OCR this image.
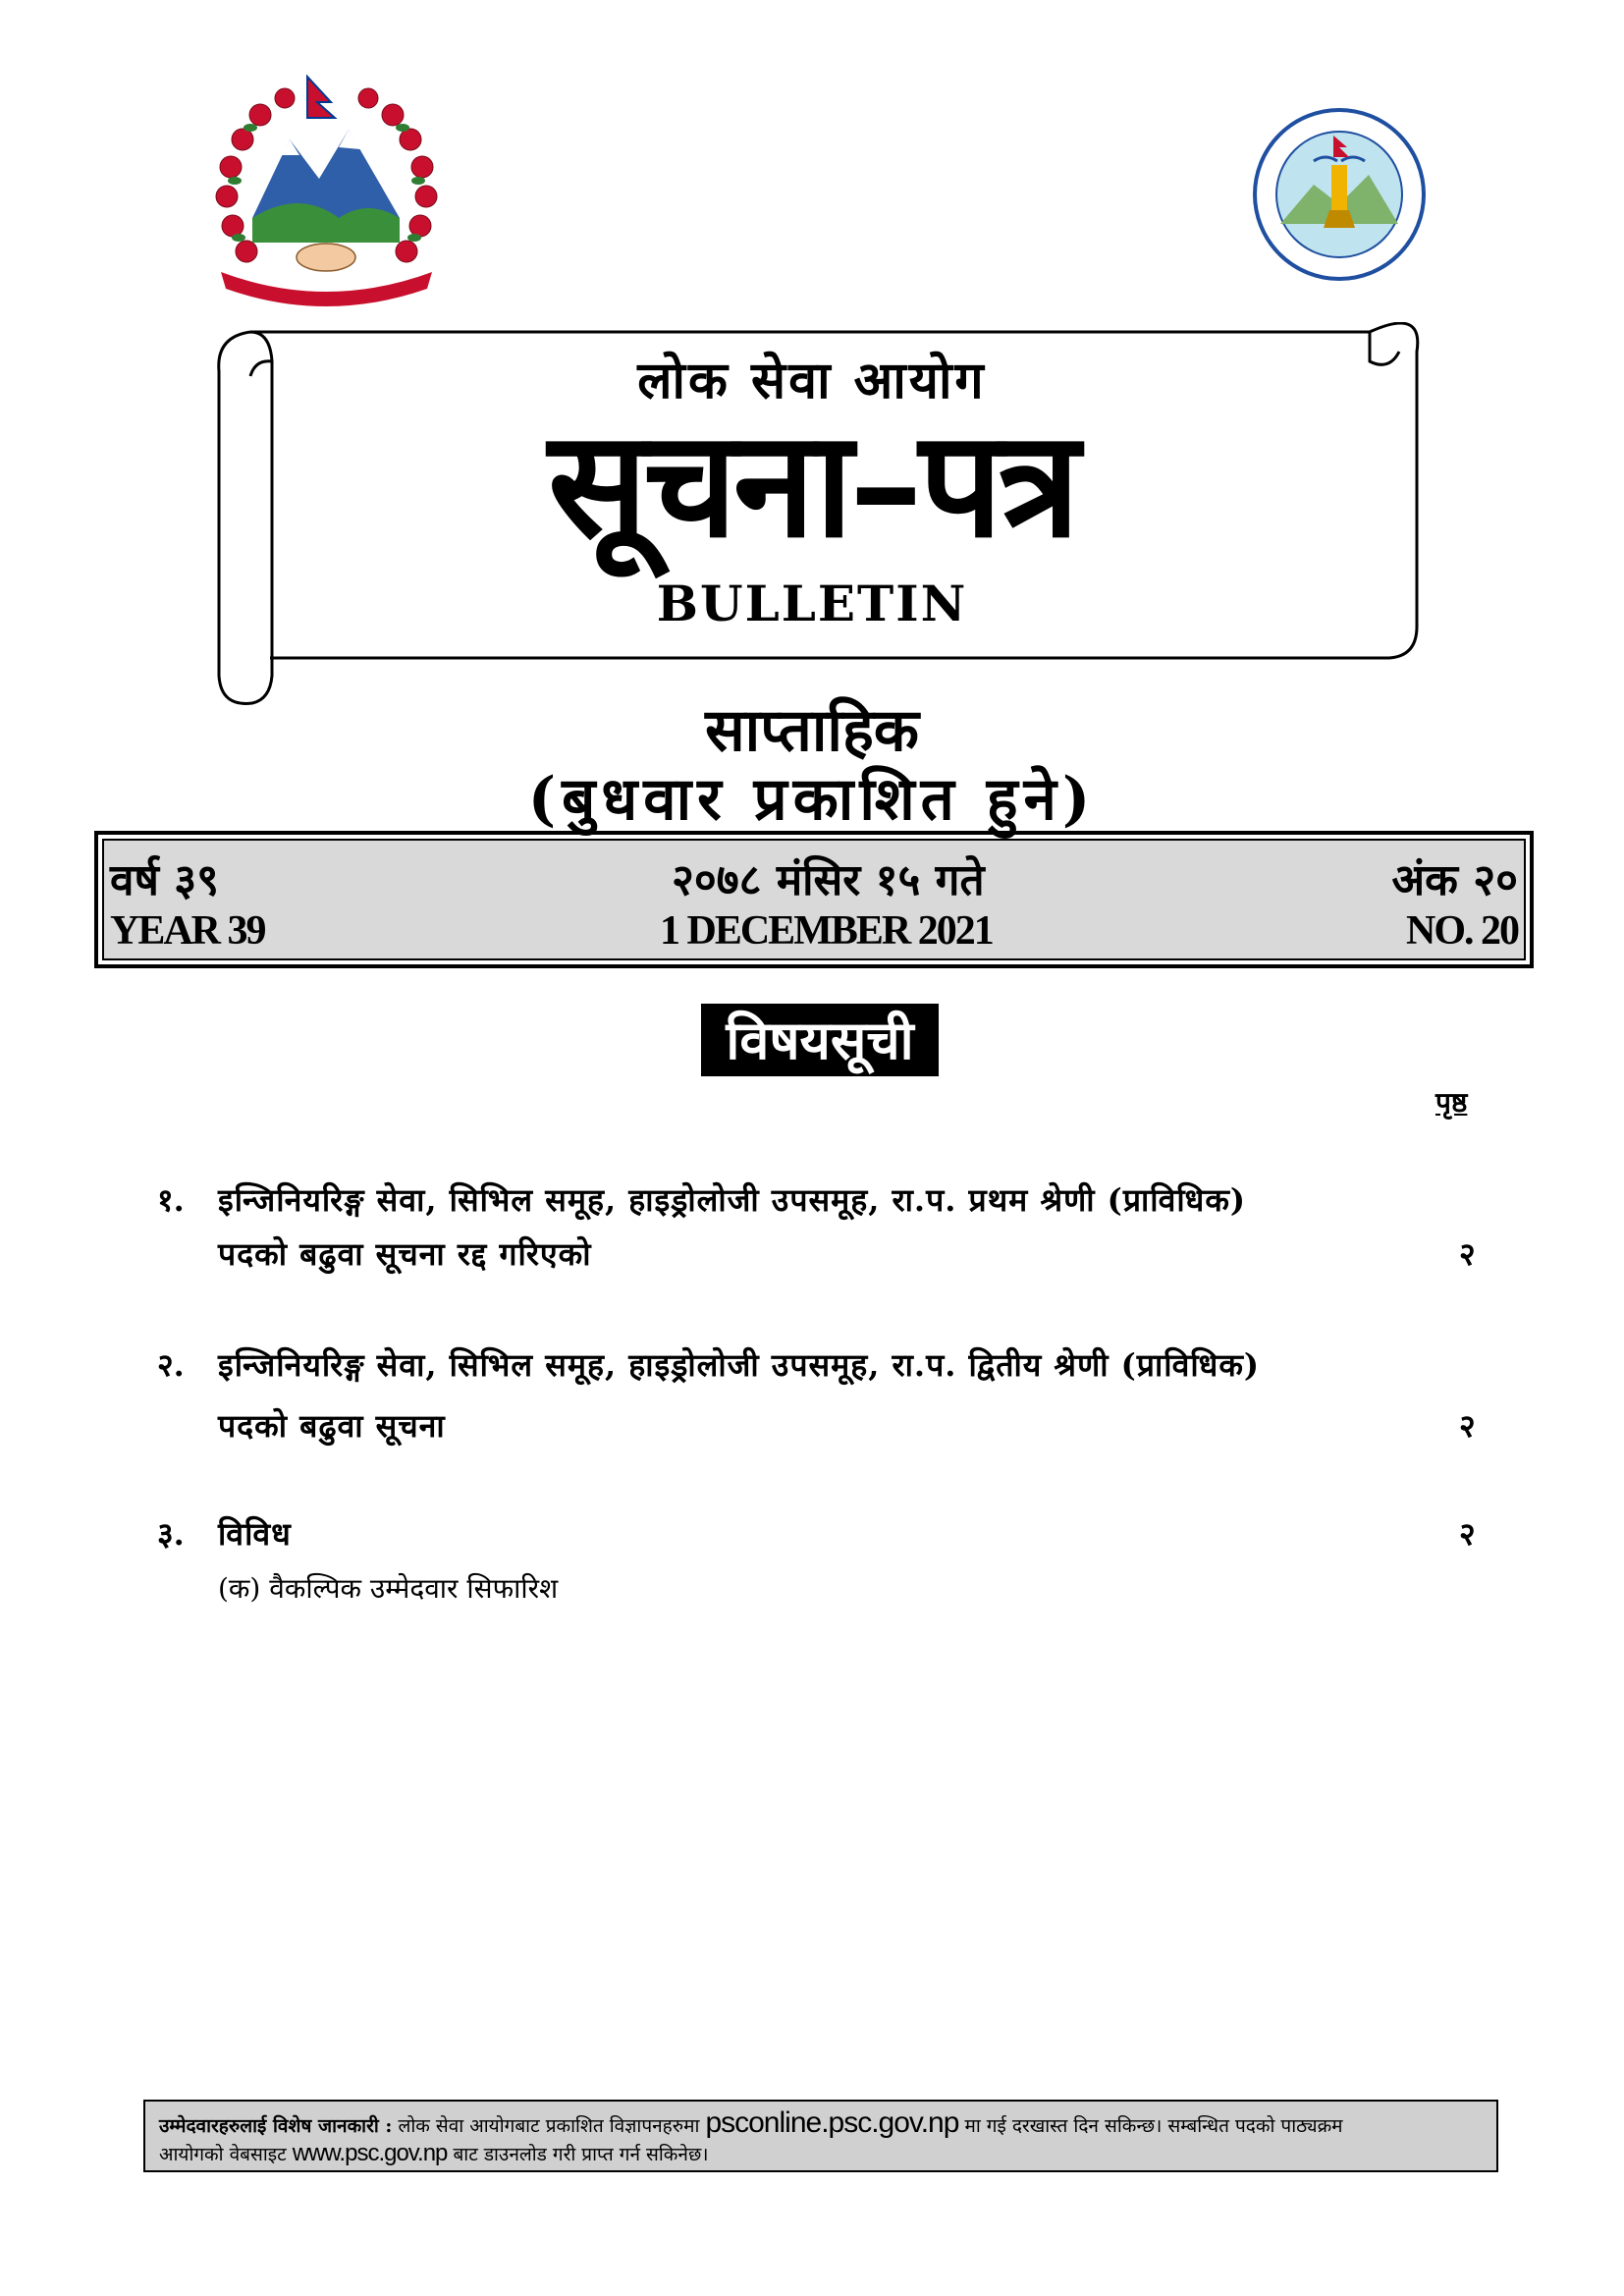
लोक सेवा आयोग
सूचना–पत्र
BULLETIN
साप्ताहिक
(बुधवार प्रकाशित हुने)
वर्ष ३९	२०७८ मंसिर १५ गते	अंक २०
YEAR 39	1 DECEMBER 2021	NO. 20
विषयसूची
पृष्ठ
१. इन्जिनियरिङ्ग सेवा, सिभिल समूह, हाइड्रोलोजी उपसमूह, रा.प. प्रथम श्रेणी (प्राविधिक)
पदको बढुवा सूचना रद्द गरिएको	२
२. इन्जिनियरिङ्ग सेवा, सिभिल समूह, हाइड्रोलोजी उपसमूह, रा.प. द्वितीय श्रेणी (प्राविधिक)
पदको बढुवा सूचना	२
३. विविध	२
(क) वैकल्पिक उम्मेदवार सिफारिश
उम्मेदवारहरुलाई विशेष जानकारी : लोक सेवा आयोगबाट प्रकाशित विज्ञापनहरुमा psconline.psc.gov.np मा गई दरखास्त दिन सकिन्छ। सम्बन्धित पदको पाठ्यक्रम
आयोगको वेबसाइट www.psc.gov.np बाट डाउनलोड गरी प्राप्त गर्न सकिनेछ।
